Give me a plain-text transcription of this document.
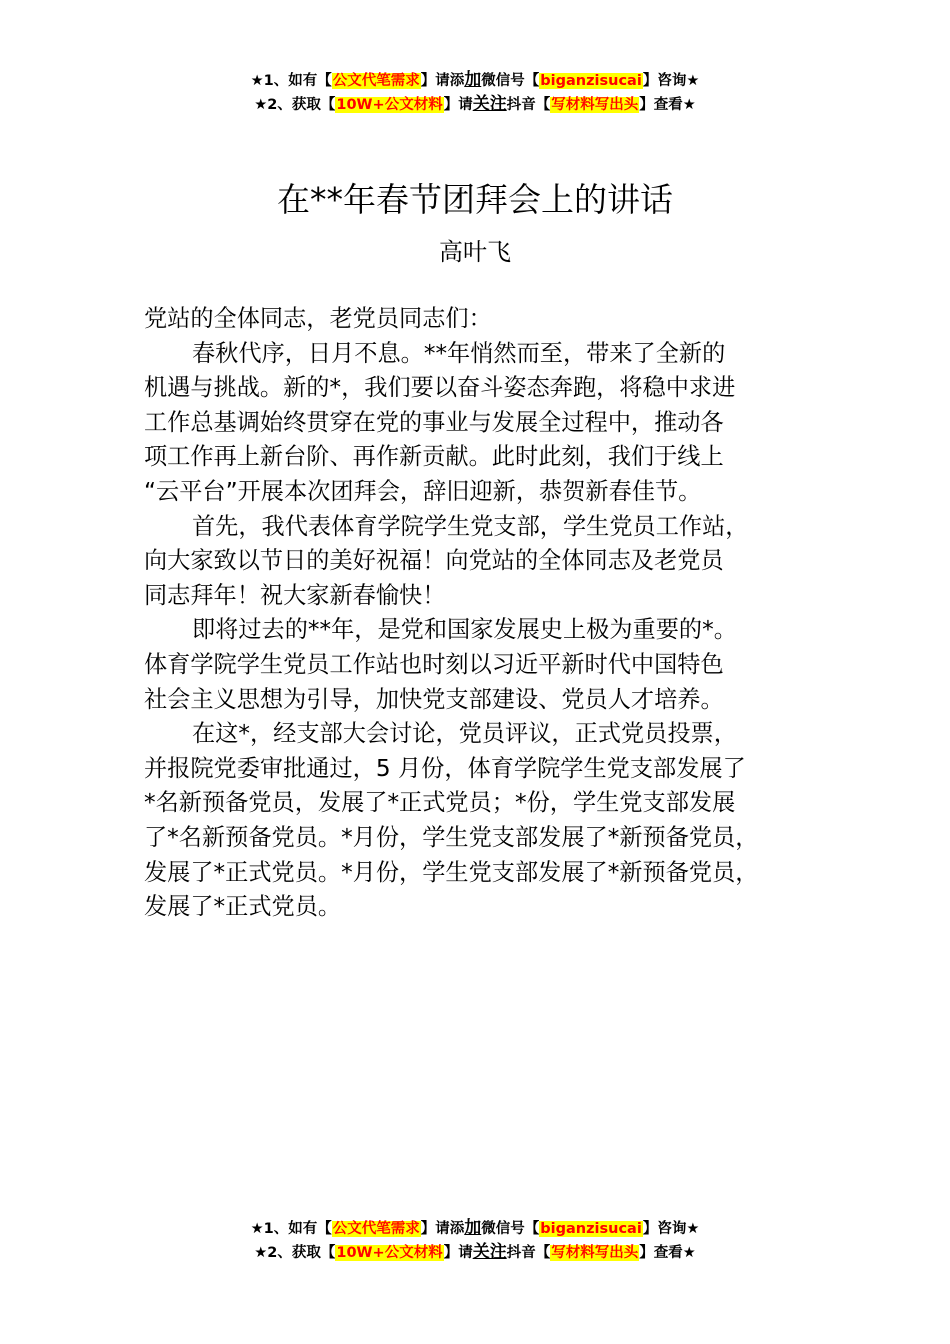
★1、如有【公文代笔需求】请添加微信号【biganzisucai】咨询★
★2、获取【10W+公文材料】请关注抖音【写材料写出头】查看★
在**年春节团拜会上的讲话
高叶飞
党站的全体同志，老党员同志们：
春秋代序，日月不息。**年悄然而至，带来了全新的
机遇与挑战。新的*，我们要以奋斗姿态奔跑，将稳中求进
工作总基调始终贯穿在党的事业与发展全过程中，推动各
项工作再上新台阶、再作新贡献。此时此刻，我们于线上
“云平台”开展本次团拜会，辞旧迎新，恭贺新春佳节。
首先，我代表体育学院学生党支部，学生党员工作站，
向大家致以节日的美好祝福！向党站的全体同志及老党员
同志拜年！祝大家新春愉快！
即将过去的**年，是党和国家发展史上极为重要的*。
体育学院学生党员工作站也时刻以习近平新时代中国特色
社会主义思想为引导，加快党支部建设、党员人才培养。
在这*，经支部大会讨论，党员评议，正式党员投票，
并报院党委审批通过，5 月份，体育学院学生党支部发展了
*名新预备党员，发展了*正式党员；*份，学生党支部发展
了*名新预备党员。*月份，学生党支部发展了*新预备党员，
发展了*正式党员。*月份，学生党支部发展了*新预备党员，
发展了*正式党员。
★1、如有【公文代笔需求】请添加微信号【biganzisucai】咨询★
★2、获取【10W+公文材料】请关注抖音【写材料写出头】查看★
